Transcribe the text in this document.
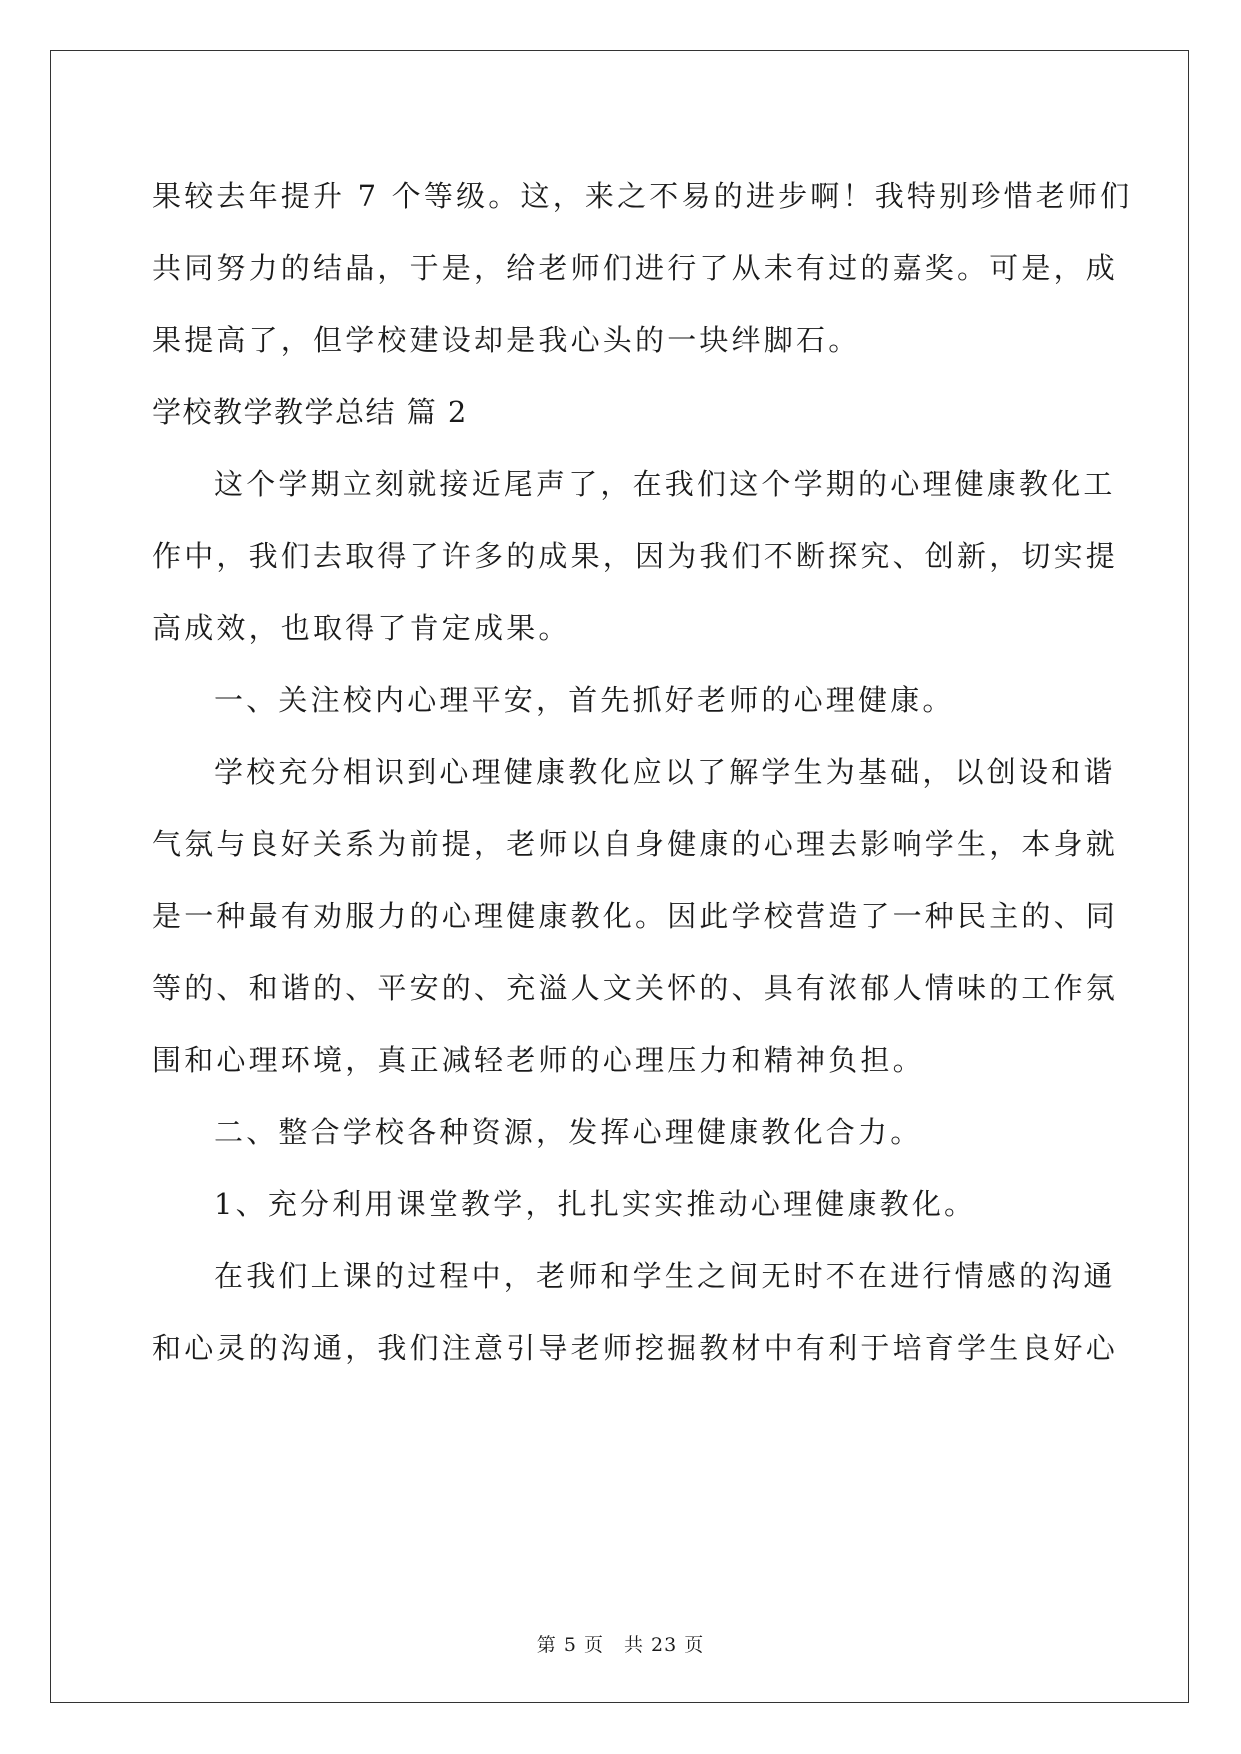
果较去年提升 7 个等级。这，来之不易的进步啊！我特别珍惜老师们

共同努力的结晶，于是，给老师们进行了从未有过的嘉奖。可是，成

果提高了，但学校建设却是我心头的一块绊脚石。

学校教学教学总结 篇 2

这个学期立刻就接近尾声了，在我们这个学期的心理健康教化工

作中，我们去取得了许多的成果，因为我们不断探究、创新，切实提

高成效，也取得了肯定成果。

一、关注校内心理平安，首先抓好老师的心理健康。

学校充分相识到心理健康教化应以了解学生为基础，以创设和谐

气氛与良好关系为前提，老师以自身健康的心理去影响学生，本身就

是一种最有劝服力的心理健康教化。因此学校营造了一种民主的、同

等的、和谐的、平安的、充溢人文关怀的、具有浓郁人情味的工作氛

围和心理环境，真正减轻老师的心理压力和精神负担。

二、整合学校各种资源，发挥心理健康教化合力。

1、充分利用课堂教学，扎扎实实推动心理健康教化。

在我们上课的过程中，老师和学生之间无时不在进行情感的沟通

和心灵的沟通，我们注意引导老师挖掘教材中有利于培育学生良好心

第 5 页　共 23 页
